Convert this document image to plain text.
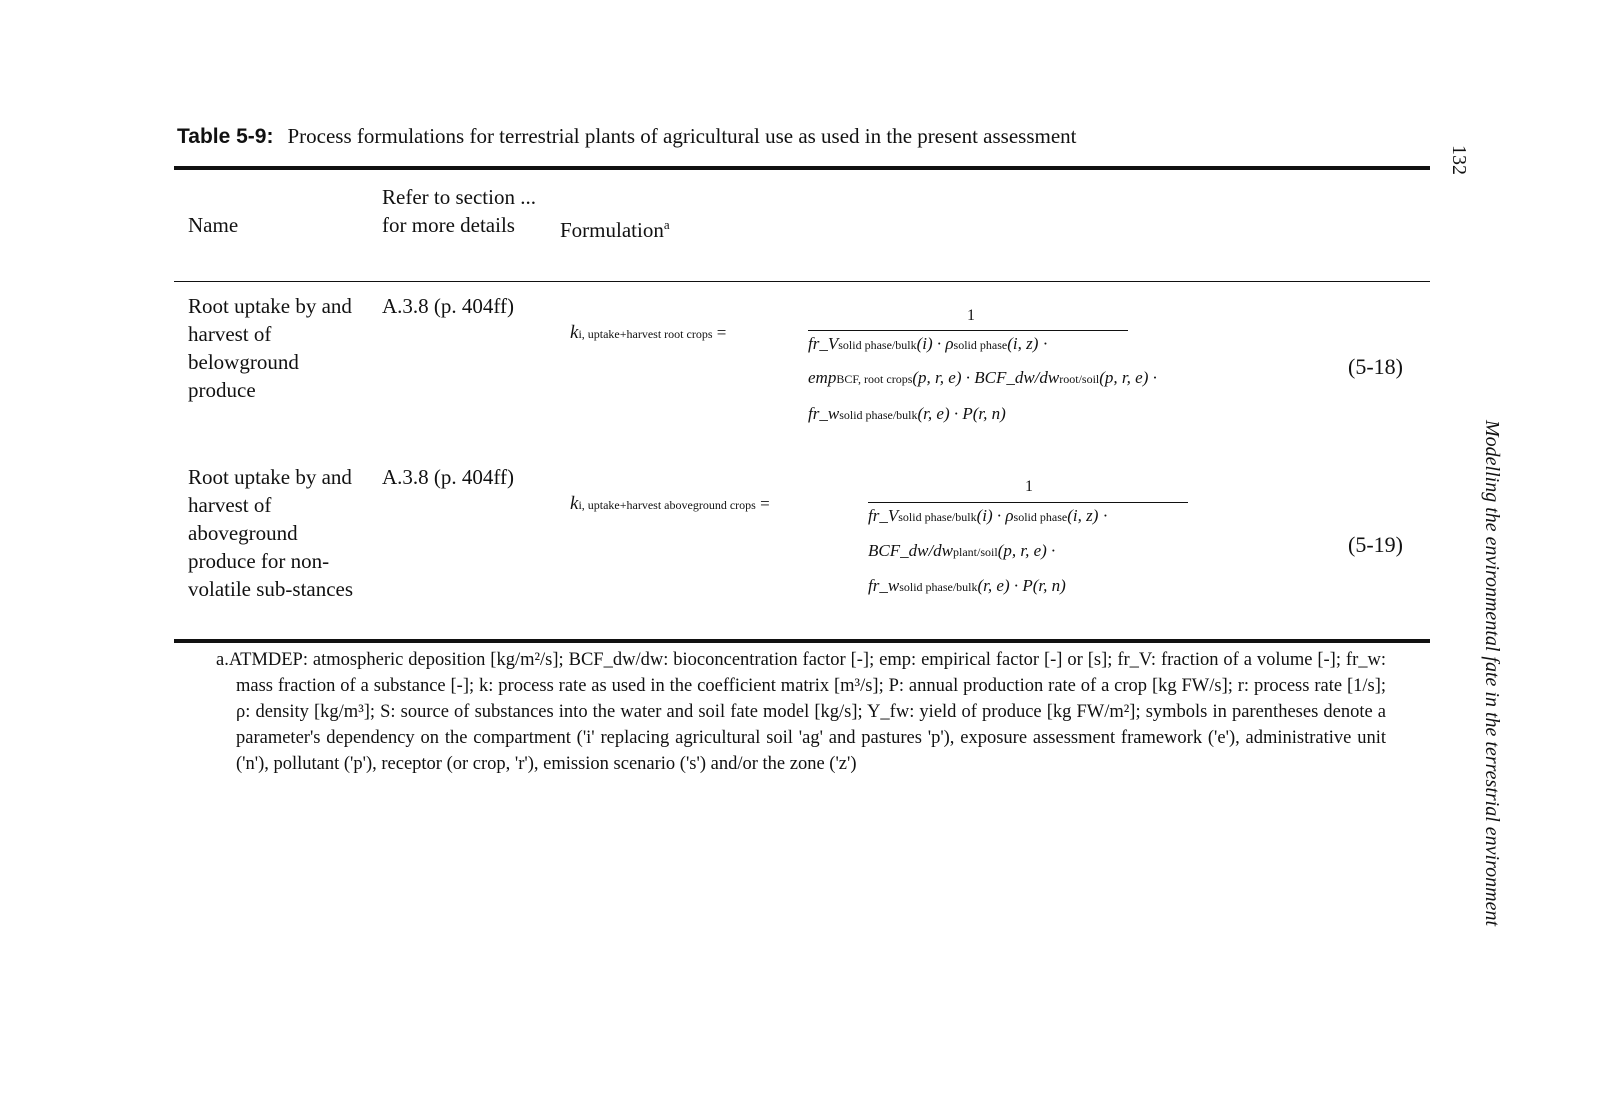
132
Modelling the environmental fate in the terrestrial environment
Table 5-9: Process formulations for terrestrial plants of agricultural use as used in the present assessment
Name
Refer to section ... for more details	Formulation$^a$
Root uptake by and harvest of belowground produce
A.3.8 (p. 404ff)
ki, uptake+harvest root crops =
1
fr_Vsolid phase/bulk(i) · ρsolid phase(i, z) ·
empBCF, root crops(p, r, e) · BCF_dw/dwroot/soil(p, r, e) ·
fr_wsolid phase/bulk(r, e) · P(r, n)
(5-18)
Root uptake by and harvest of aboveground produce for non-volatile sub-stances
A.3.8 (p. 404ff)
ki, uptake+harvest aboveground crops =
1
fr_Vsolid phase/bulk(i) · ρsolid phase(i, z) ·
BCF_dw/dwplant/soil(p, r, e) ·
fr_wsolid phase/bulk(r, e) · P(r, n)
(5-19)
a.ATMDEP: atmospheric deposition [kg/m²/s]; BCF_dw/dw: bioconcentration factor [-]; emp: empirical factor [-] or [s]; fr_V: fraction of a volume [-]; fr_w: mass fraction of a substance [-]; k: process rate as used in the coefficient matrix [m³/s]; P: annual production rate of a crop [kg FW/s]; r: process rate [1/s]; ρ: density [kg/m³]; S: source of substances into the water and soil fate model [kg/s]; Y_fw: yield of produce [kg FW/m²]; symbols in parentheses denote a parameter's dependency on the compartment ('i' replacing agricultural soil 'ag' and pastures 'p'), exposure assessment framework ('e'), administrative unit ('n'), pollutant ('p'), receptor (or crop, 'r'), emission scenario ('s') and/or the zone ('z')
